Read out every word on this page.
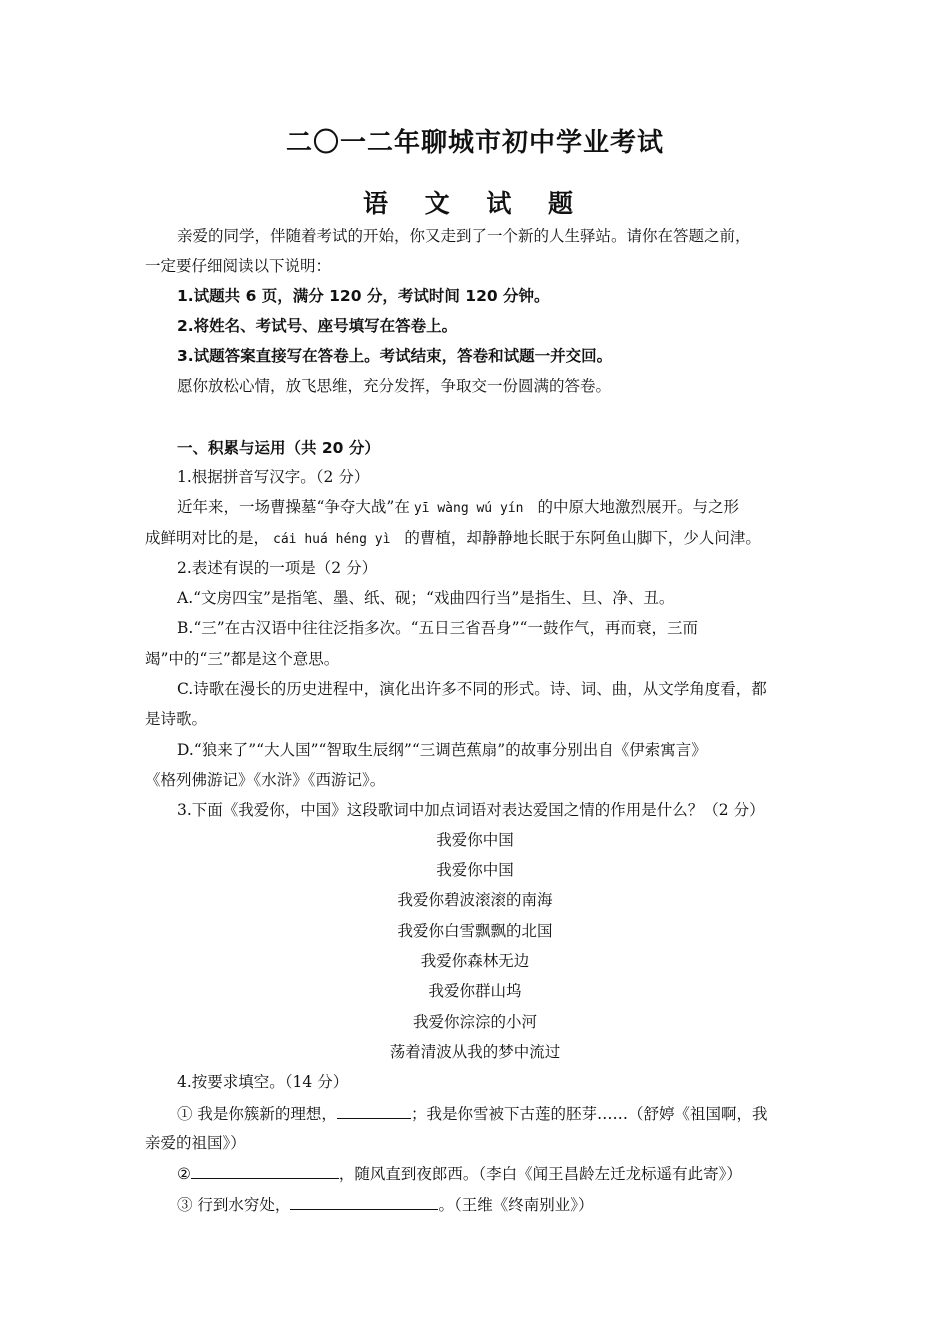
二〇一二年聊城市初中学业考试
语 文 试 题
亲爱的同学，伴随着考试的开始，你又走到了一个新的人生驿站。请你在答题之前，
一定要仔细阅读以下说明：
1.试题共 6 页，满分 120 分，考试时间 120 分钟。
2.将姓名、考试号、座号填写在答卷上。
3.试题答案直接写在答卷上。考试结束，答卷和试题一并交回。
愿你放松心情，放飞思维，充分发挥，争取交一份圆满的答卷。
一、积累与运用（共 20 分）
1.根据拼音写汉字。（2 分）
近年来，一场曹操墓“争夺大战”在 yī wàng wú yín 的中原大地激烈展开。与之形
成鲜明对比的是， cái huá héng yì 的曹植，却静静地长眠于东阿鱼山脚下，少人问津。
2.表述有误的一项是（2 分）
A.“文房四宝”是指笔、墨、纸、砚；“戏曲四行当”是指生、旦、净、丑。
B.“三”在古汉语中往往泛指多次。“五日三省吾身”“一鼓作气，再而衰，三而
竭”中的“三”都是这个意思。
C.诗歌在漫长的历史进程中，演化出许多不同的形式。诗、词、曲，从文学角度看，都
是诗歌。
D.“狼来了”“大人国”“智取生辰纲”“三调芭蕉扇”的故事分别出自《伊索寓言》
《格列佛游记》《水浒》《西游记》。
3.下面《我爱你，中国》这段歌词中加点词语对表达爱国之情的作用是什么？（2 分）
我爱你中国
我爱你中国
我爱你碧波滚滚的南海
我爱你白雪飘飘的北国
我爱你森林无边
我爱你群山坞
我爱你淙淙的小河
荡着清波从我的梦中流过
4.按要求填空。（14 分）
① 我是你簇新的理想，	；我是你雪被下古莲的胚芽……（舒婷《祖国啊，我
亲爱的祖国》）
②	，随风直到夜郎西。（李白《闻王昌龄左迁龙标遥有此寄》）
③ 行到水穷处，	。（王维《终南别业》）
